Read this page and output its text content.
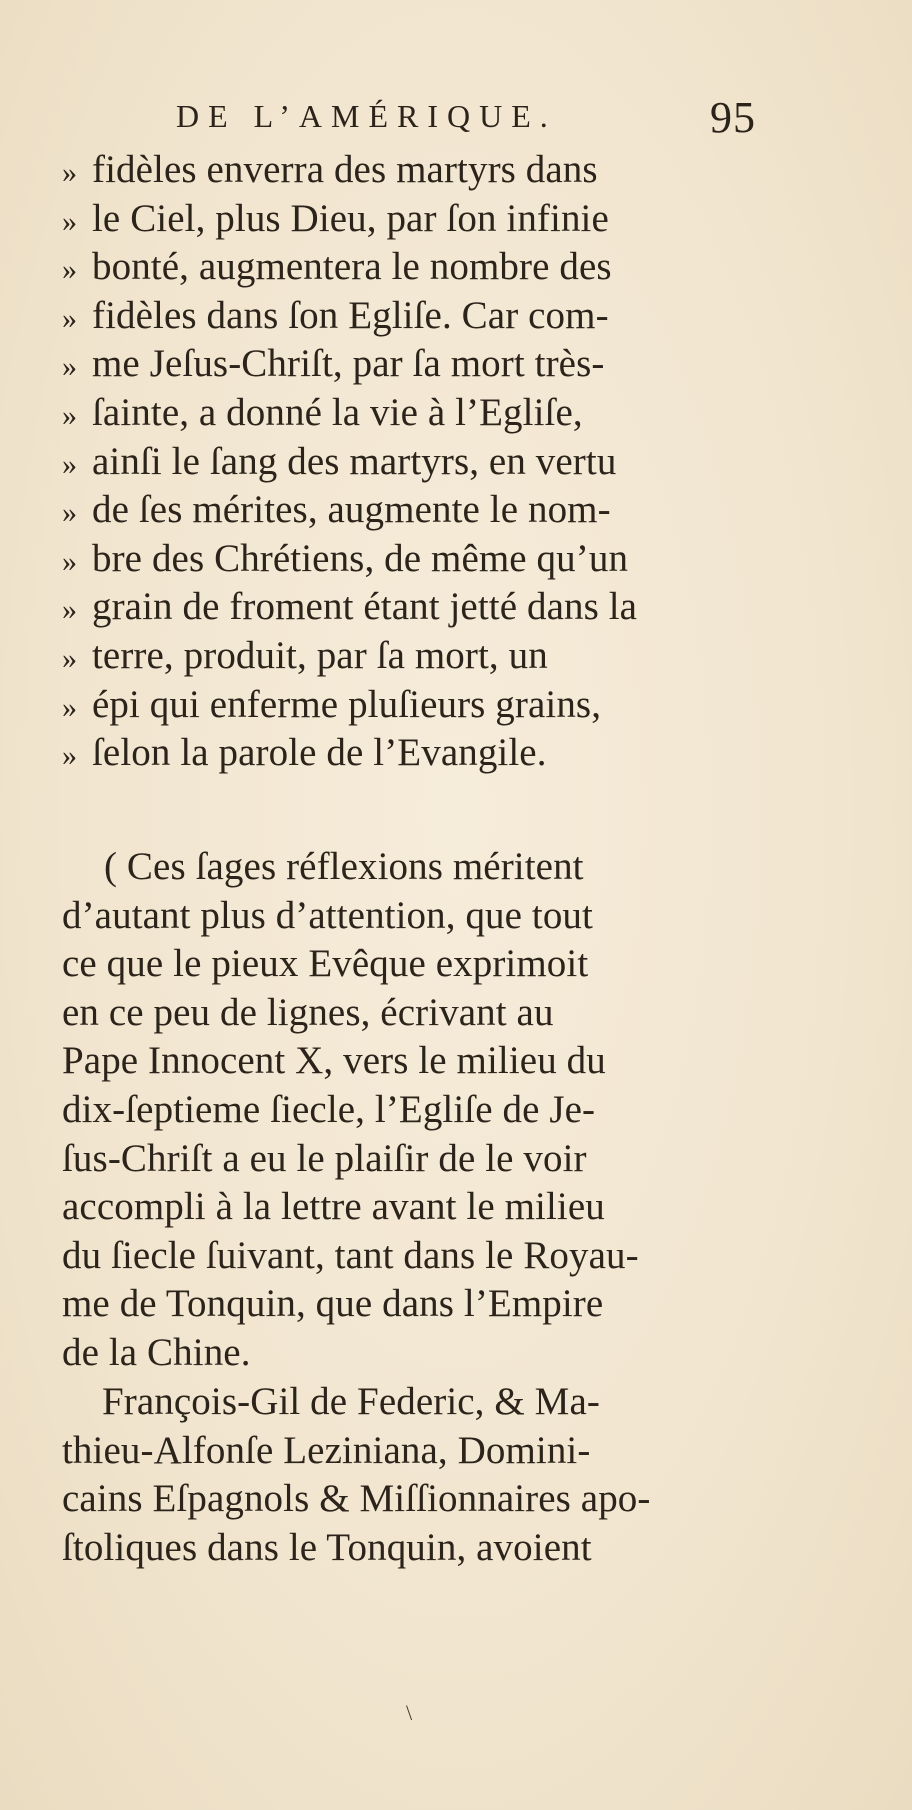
DE L’AMÉRIQUE.	95
» fidèles enverra des martyrs dans
» le Ciel, plus Dieu, par ſon infinie
» bonté, augmentera le nombre des
» fidèles dans ſon Egliſe. Car com-
» me Jeſus-Chriſt, par ſa mort très-
» ſainte, a donné la vie à l’Egliſe,
» ainſi le ſang des martyrs, en vertu
» de ſes mérites, augmente le nom-
» bre des Chrétiens, de même qu’un
» grain de froment étant jetté dans la
» terre, produit, par ſa mort, un
» épi qui enferme pluſieurs grains,
» ſelon la parole de l’Evangile.
( Ces ſages réflexions méritent
d’autant plus d’attention, que tout
ce que le pieux Evêque exprimoit
en ce peu de lignes, écrivant au
Pape Innocent X, vers le milieu du
dix-ſeptieme ſiecle, l’Egliſe de Je-
ſus-Chriſt a eu le plaiſir de le voir
accompli à la lettre avant le milieu
du ſiecle ſuivant, tant dans le Royau-
me de Tonquin, que dans l’Empire
de la Chine.
François-Gil de Federic, & Ma-
thieu-Alfonſe Leziniana, Domini-
cains Eſpagnols & Miſſionnaires apo-
ſtoliques dans le Tonquin, avoient
\
